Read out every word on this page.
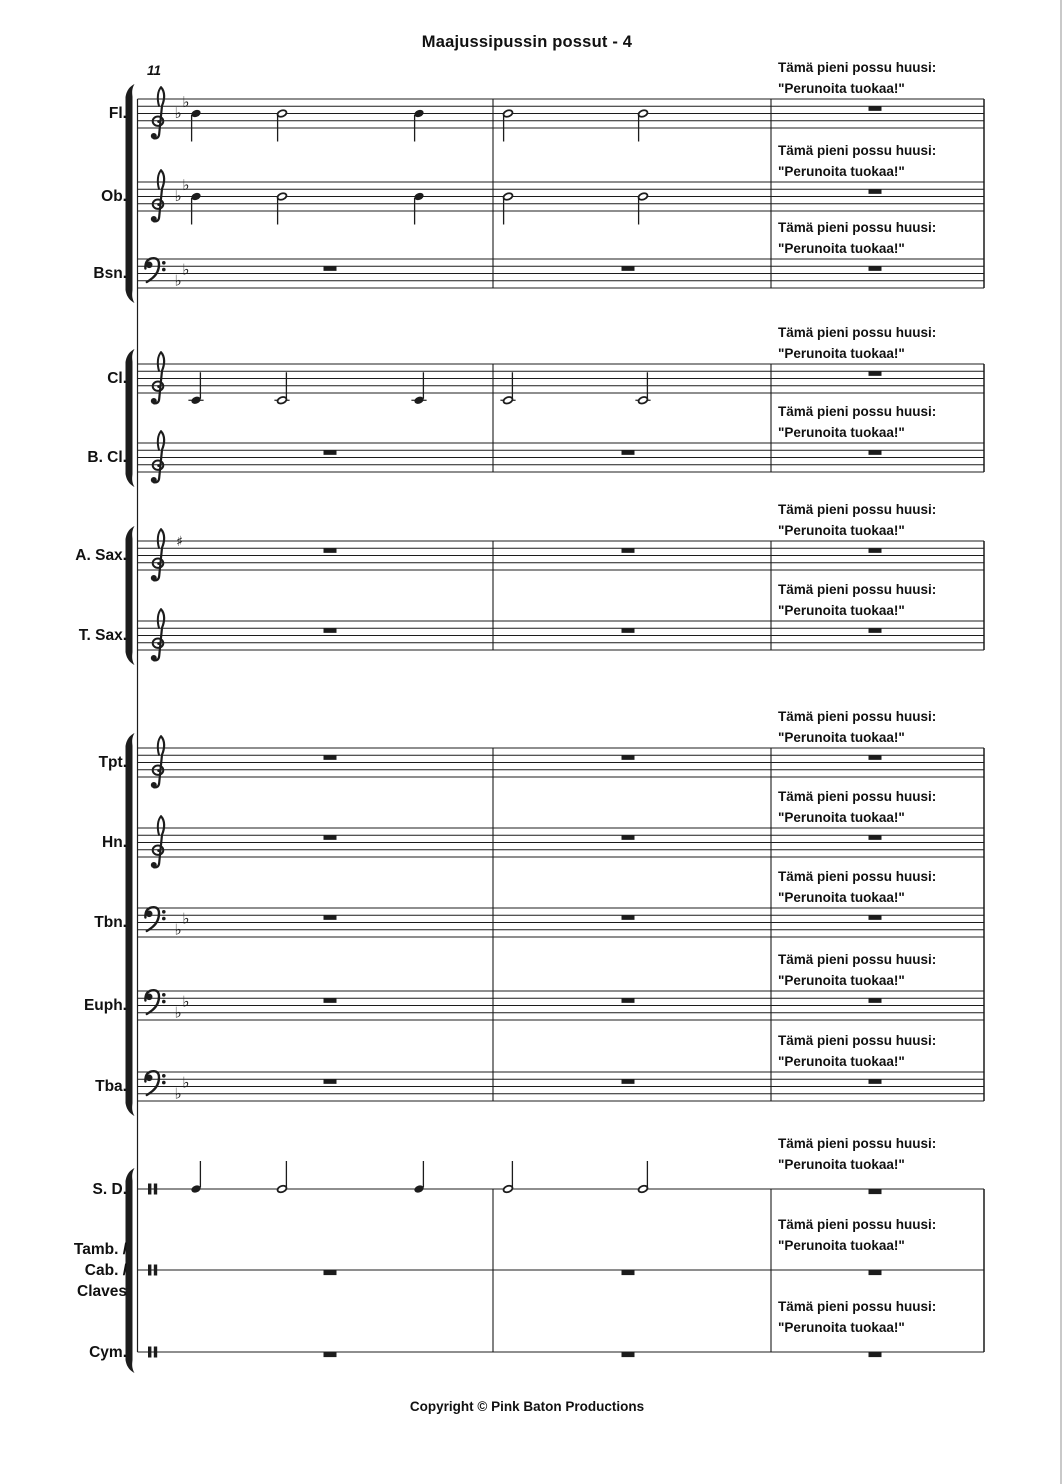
Maajussipussin possut - 4
11
♭
♭
♭
♭
♭
♭
♯
♭
♭
♭
♭
♭
♭
Copyright © Pink Baton Productions
Fl.
Tämä pieni possu huusi:
"Perunoita tuokaa!"
Ob.
Tämä pieni possu huusi:
"Perunoita tuokaa!"
Bsn.
Tämä pieni possu huusi:
"Perunoita tuokaa!"
Cl.
Tämä pieni possu huusi:
"Perunoita tuokaa!"
B. Cl.
Tämä pieni possu huusi:
"Perunoita tuokaa!"
A. Sax.
Tämä pieni possu huusi:
"Perunoita tuokaa!"
T. Sax.
Tämä pieni possu huusi:
"Perunoita tuokaa!"
Tpt.
Tämä pieni possu huusi:
"Perunoita tuokaa!"
Hn.
Tämä pieni possu huusi:
"Perunoita tuokaa!"
Tbn.
Tämä pieni possu huusi:
"Perunoita tuokaa!"
Euph.
Tämä pieni possu huusi:
"Perunoita tuokaa!"
Tba.
Tämä pieni possu huusi:
"Perunoita tuokaa!"
S. D.
Tämä pieni possu huusi:
"Perunoita tuokaa!"
Tamb. /
Cab. /
Claves
Tämä pieni possu huusi:
"Perunoita tuokaa!"
Cym.
Tämä pieni possu huusi:
"Perunoita tuokaa!"
